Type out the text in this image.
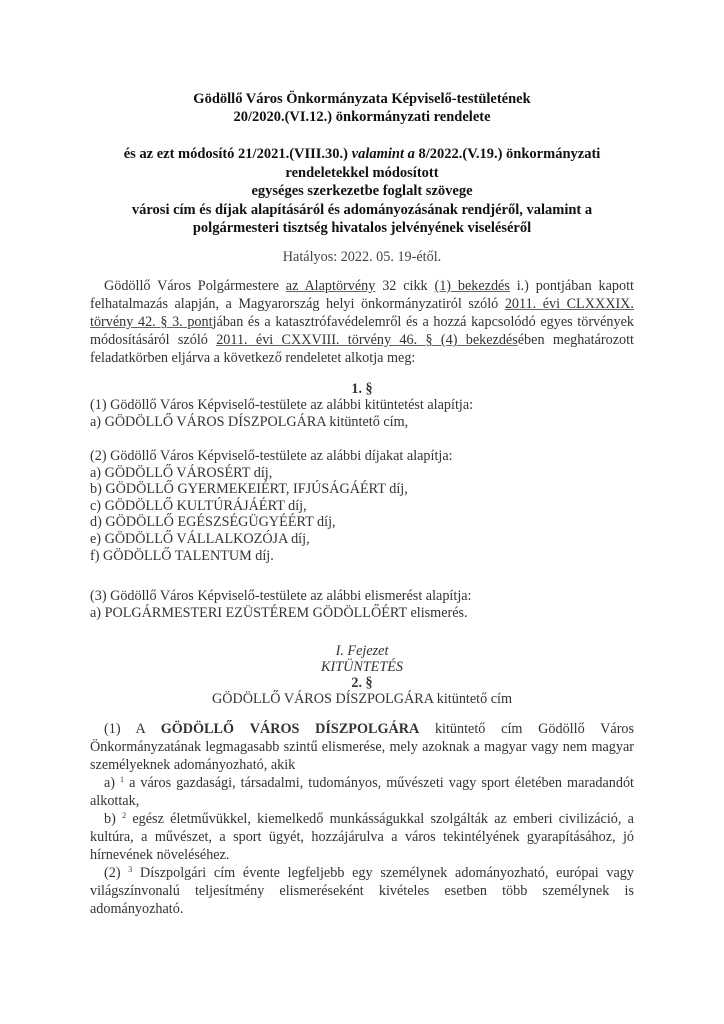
Gödöllő Város Önkormányzata Képviselő-testületének
20/2020.(VI.12.) önkormányzati rendelete
és az ezt módosító 21/2021.(VIII.30.) valamint a 8/2022.(V.19.) önkormányzati
rendeletekkel módosított
egységes szerkezetbe foglalt szövege
városi cím és díjak alapításáról és adományozásának rendjéről, valamint a
polgármesteri tisztség hivatalos jelvényének viseléséről
Hatályos: 2022. 05. 19-étől.
Gödöllő Város Polgármestere az Alaptörvény 32 cikk (1) bekezdés i.) pontjában kapott
felhatalmazás alapján, a Magyarország helyi önkormányzatiról szóló 2011. évi CLXXXIX.
törvény 42. § 3. pontjában és a katasztrófavédelemről és a hozzá kapcsolódó egyes törvények
módosításáról szóló 2011. évi CXXVIII. törvény 46. § (4) bekezdésében meghatározott
feladatkörben eljárva a következő rendeletet alkotja meg:
1. §
(1) Gödöllő Város Képviselő-testülete az alábbi kitüntetést alapítja:
a) GÖDÖLLŐ VÁROS DÍSZPOLGÁRA kitüntető cím,
(2) Gödöllő Város Képviselő-testülete az alábbi díjakat alapítja:
a) GÖDÖLLŐ VÁROSÉRT díj,
b) GÖDÖLLŐ GYERMEKEIÉRT, IFJÚSÁGÁÉRT díj,
c) GÖDÖLLŐ KULTÚRÁJÁÉRT díj,
d) GÖDÖLLŐ EGÉSZSÉGÜGYÉÉRT díj,
e) GÖDÖLLŐ VÁLLALKOZÓJA díj,
f) GÖDÖLLŐ TALENTUM díj.
(3) Gödöllő Város Képviselő-testülete az alábbi elismerést alapítja:
a) POLGÁRMESTERI EZÜSTÉREM GÖDÖLLŐÉRT elismerés.
I. Fejezet
KITÜNTETÉS
2. §
GÖDÖLLŐ VÁROS DÍSZPOLGÁRA kitüntető cím
(1) A GÖDÖLLŐ VÁROS DÍSZPOLGÁRA kitüntető cím Gödöllő Város
Önkormányzatának legmagasabb szintű elismerése, mely azoknak a magyar vagy nem magyar
személyeknek adományozható, akik
a) $^1$ a város gazdasági, társadalmi, tudományos, művészeti vagy sport életében maradandót
alkottak,
b) $^2$ egész életművükkel, kiemelkedő munkásságukkal szolgálták az emberi civilizáció, a
kultúra, a művészet, a sport ügyét, hozzájárulva a város tekintélyének gyarapításához, jó
hírnevének növeléséhez.
(2) $^3$ Díszpolgári cím évente legfeljebb egy személynek adományozható, európai vagy
világszínvonalú teljesítmény elismeréseként kivételes esetben több személynek is
adományozható.
